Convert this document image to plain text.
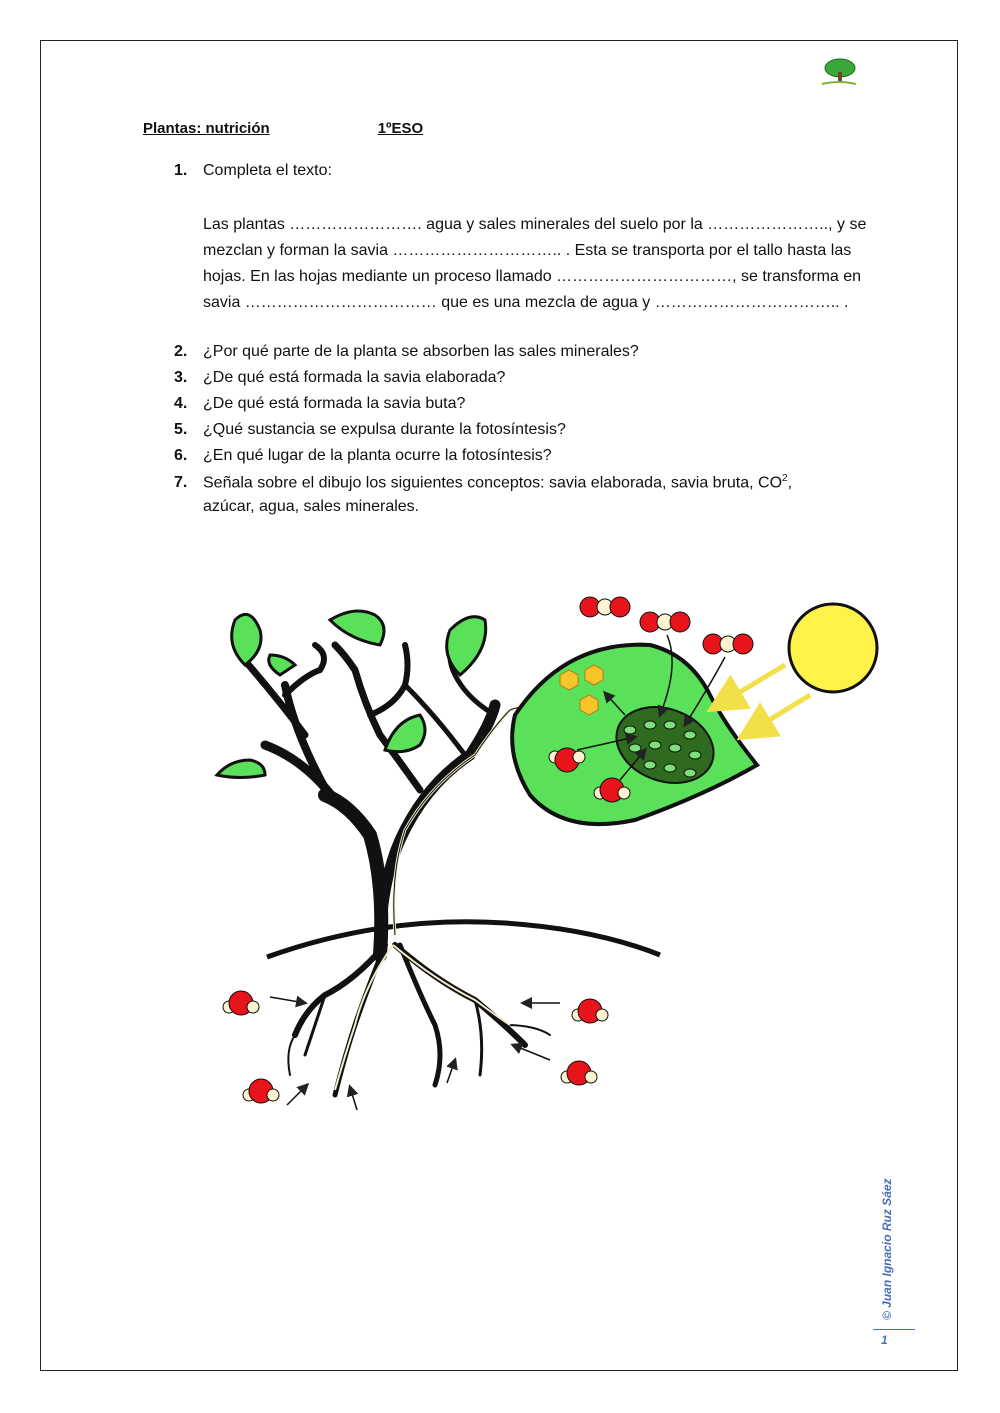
Plantas: nutrición	1ºESO
1. Completa el texto:
Las plantas ……………………. agua y sales minerales del suelo por la ………………….., y se
mezclan y forman la savia ………………………….. . Esta se transporta por el tallo hasta las
hojas. En las hojas mediante un proceso llamado ……………………………, se transforma en
savia ……………………………… que es una mezcla de agua y …………………………….. .
2. ¿Por qué parte de la planta se absorben las sales minerales?
3. ¿De qué está formada la savia elaborada?
4. ¿De qué está formada la savia buta?
5. ¿Qué sustancia se expulsa durante la fotosíntesis?
6. ¿En qué lugar de la planta ocurre la fotosíntesis?
7. Señala sobre el dibujo los siguientes conceptos: savia elaborada, savia bruta, $CO^2$,
azúcar, agua, sales minerales.
© Juan Ignacio Ruz Sáez
1
